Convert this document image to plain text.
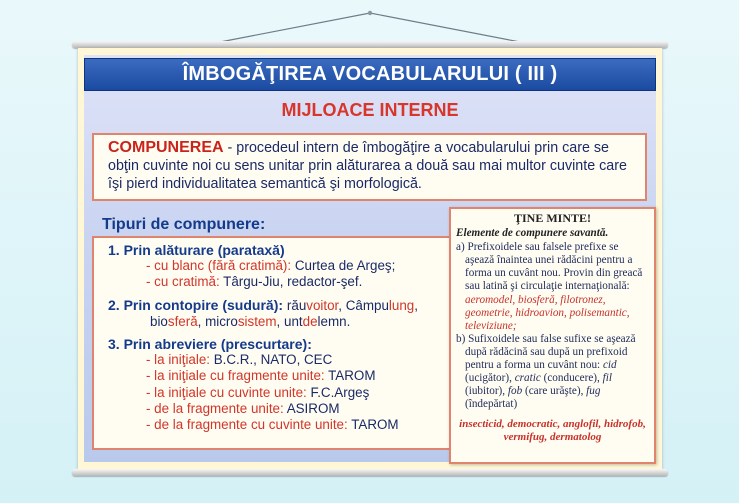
ÎMBOGĂŢIREA VOCABULARULUI ( III )
MIJLOACE INTERNE
COMPUNEREA - procedeul intern de îmbogăţire a vocabularului prin care se
obţin cuvinte noi cu sens unitar prin alăturarea a două sau mai multor cuvinte care
îşi pierd individualitatea semantică şi morfologică.
Tipuri de compunere:
1. Prin alăturare (parataxă)
- cu blanc (fără cratimă): Curtea de Argeş;
- cu cratimă: Târgu-Jiu, redactor-şef.
2. Prin contopire (sudură): răuvoitor, Câmpulung,
biosferă, microsistem, untdelemn.
3. Prin abreviere (prescurtare):
- la iniţiale: B.C.R., NATO, CEC
- la iniţiale cu fragmente unite: TAROM
- la iniţiale cu cuvinte unite: F.C.Argeş
- de la fragmente unite: ASIROM
- de la fragmente cu cuvinte unite: TAROM
ŢINE MINTE!
Elemente de compunere savantă.
a) Prefixoidele sau falsele prefixe se aşează înaintea unei rădăcini pentru a forma un cuvânt nou. Provin din greacă sau latină şi circulaţie internaţională: aeromodel, biosferă, filotronez, geometrie, hidroavion, polisemantic, televiziune;
b) Sufixoidele sau false sufixe se aşează după rădăcină sau după un prefixoid pentru a forma un cuvânt nou: cid (ucigător), cratic (conducere), fil (iubitor), fob (care urăşte), fug (îndepărtat)
insecticid, democratic, anglofil, hidrofob, vermifug, dermatolog
